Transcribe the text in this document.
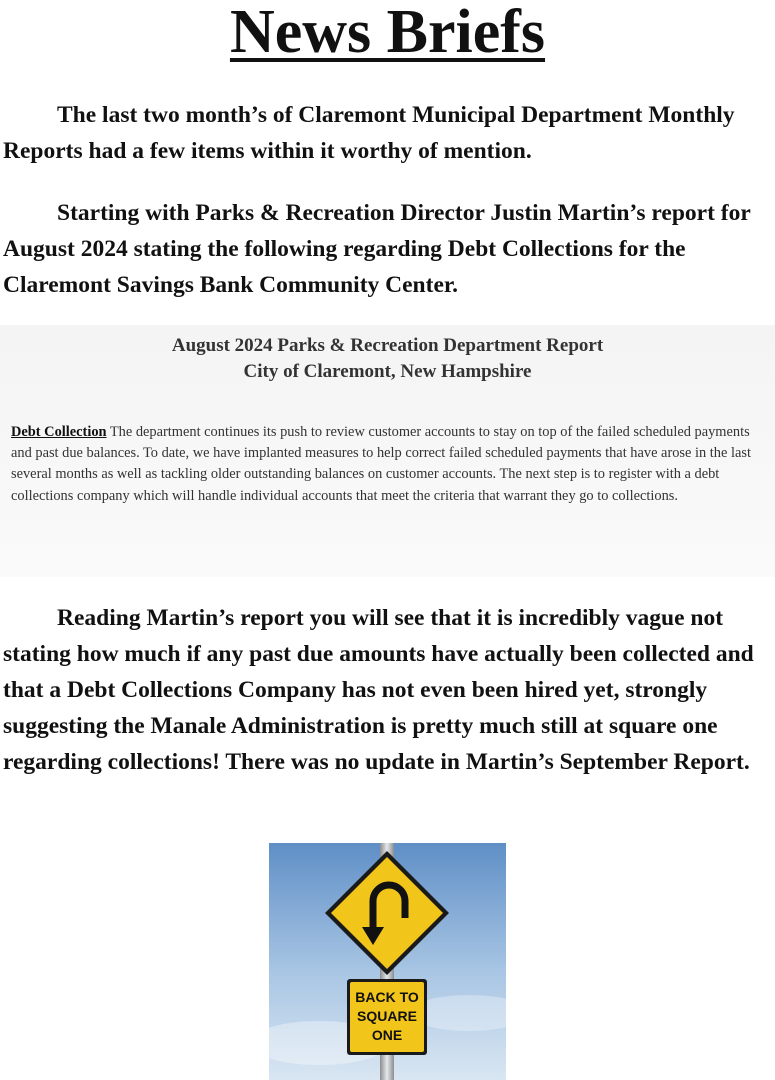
News Briefs

The last two month’s of Claremont Municipal Department Monthly Reports had a few items within it worthy of mention.

Starting with Parks & Recreation Director Justin Martin’s report for August 2024 stating the following regarding Debt Collections for the Claremont Savings Bank Community Center.

August 2024 Parks & Recreation Department Report
City of Claremont, New Hampshire

Debt Collection The department continues its push to review customer accounts to stay on top of the failed scheduled payments and past due balances. To date, we have implanted measures to help correct failed scheduled payments that have arose in the last several months as well as tackling older outstanding balances on customer accounts. The next step is to register with a debt collections company which will handle individual accounts that meet the criteria that warrant they go to collections.

Reading Martin’s report you will see that it is incredibly vague not stating how much if any past due amounts have actually been collected and that a Debt Collections Company has not even been hired yet, strongly suggesting the Manale Administration is pretty much still at square one regarding collections! There was no update in Martin’s September Report.

BACK TO
SQUARE
ONE
